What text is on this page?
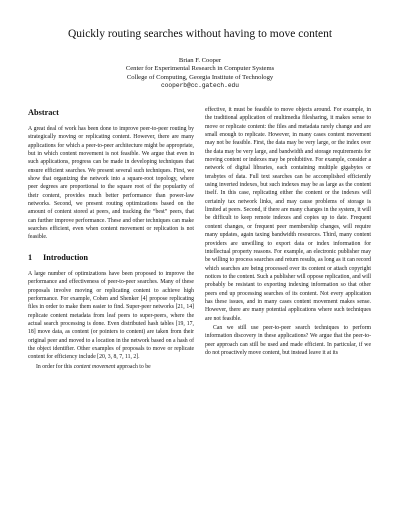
Quickly routing searches without having to move content
Brian F. Cooper
Center for Experimental Research in Computer Systems
College of Computing, Georgia Institute of Technology
cooperb@cc.gatech.edu
Abstract

A great deal of work has been done to improve peer-to-peer routing by strategically moving or replicating content. However, there are many applications for which a peer-to-peer architecture might be appropriate, but in which content movement is not feasible. We argue that even in such applications, progress can be made in developing techniques that ensure efficient searches. We present several such techniques. First, we show that organizing the network into a square-root topology, where peer degrees are proportional to the square root of the popularity of their content, provides much better performance than power-law networks. Second, we present routing optimizations based on the amount of content stored at peers, and tracking the “best” peers, that can further improve performance. These and other techniques can make searches efficient, even when content movement or replication is not feasible.

1 Introduction

A large number of optimizations have been proposed to improve the performance and effectiveness of peer-to-peer searches. Many of these proposals involve moving or replicating content to achieve high performance. For example, Cohen and Shenker [4] propose replicating files in order to make them easier to find. Super-peer networks [21, 14] replicate content metadata from leaf peers to super-peers, where the actual search processing is done. Even distributed hash tables [19, 17, 18] move data, as content (or pointers to content) are taken from their original peer and moved to a location in the network based on a hash of the object identifier. Other examples of proposals to move or replicate content for efficiency include [20, 3, 8, 7, 11, 2].

In order for this content movement approach to be

effective, it must be feasible to move objects around. For example, in the traditional application of multimedia filesharing, it makes sense to move or replicate content: the files and metadata rarely change and are small enough to replicate. However, in many cases content movement may not be feasible. First, the data may be very large, or the index over the data may be very large, and bandwidth and storage requirements for moving content or indexes may be prohibitive. For example, consider a network of digital libraries, each containing multiple gigabytes or terabytes of data. Full text searches can be accomplished efficiently using inverted indexes, but such indexes may be as large as the content itself. In this case, replicating either the content or the indexes will certainly tax network links, and may cause problems of storage is limited at peers. Second, if there are many changes in the system, it will be difficult to keep remote indexes and copies up to date. Frequent content changes, or frequent peer membership changes, will require many updates, again taxing bandwidth resources. Third, many content providers are unwilling to export data or index information for intellectual property reasons. For example, an electronic publisher may be willing to process searches and return results, as long as it can record which searches are being processed over its content or attach copyright notices to the content. Such a publisher will oppose replication, and will probably be resistant to exporting indexing information so that other peers end up processing searches of its content. Not every application has these issues, and in many cases content movement makes sense. However, there are many potential applications where such techniques are not feasible.

Can we still use peer-to-peer search techniques to perform information discovery in these applications? We argue that the peer-to-peer approach can still be used and made efficient. In particular, if we do not proactively move content, but instead leave it at its
